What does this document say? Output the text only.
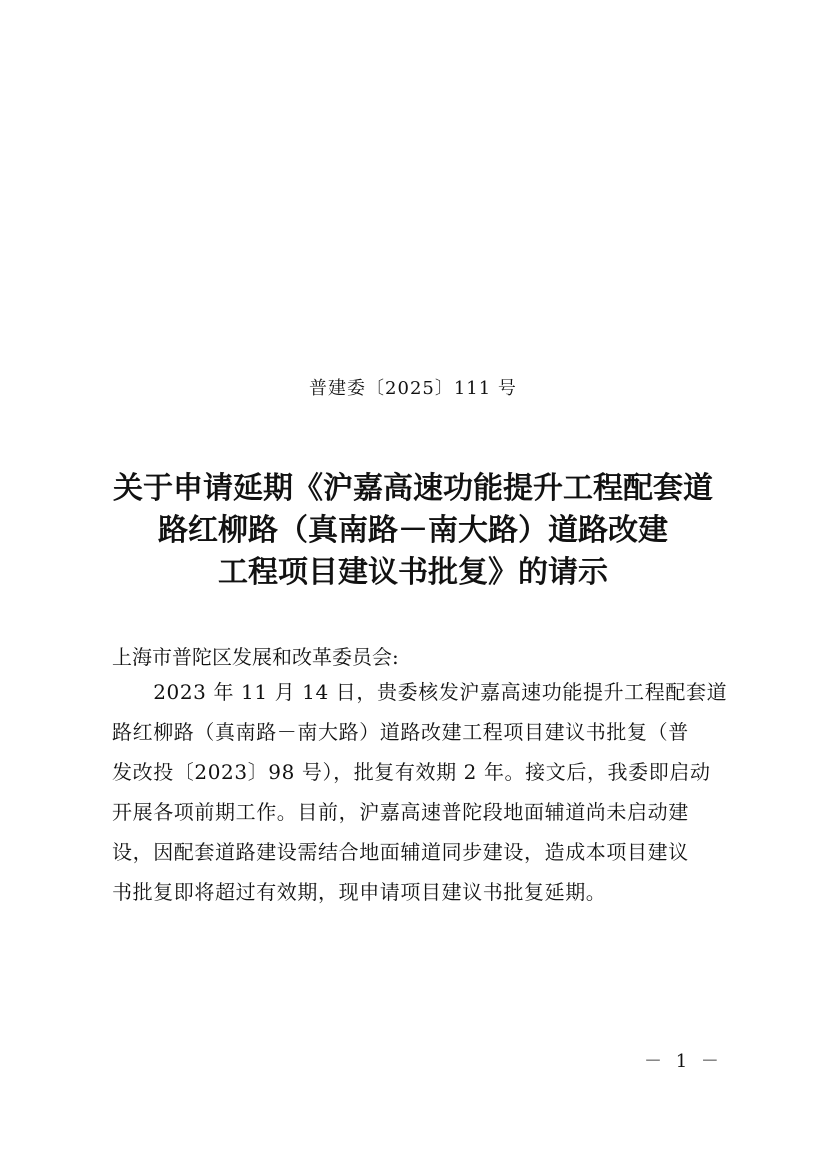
普建委〔2025〕111 号
关于申请延期《沪嘉高速功能提升工程配套道
路红柳路（真南路－南大路）道路改建
工程项目建议书批复》的请示
上海市普陀区发展和改革委员会:
　　2023 年 11 月 14 日，贵委核发沪嘉高速功能提升工程配套道
路红柳路（真南路－南大路）道路改建工程项目建议书批复（普
发改投〔2023〕98 号），批复有效期 2 年。接文后，我委即启动
开展各项前期工作。目前，沪嘉高速普陀段地面辅道尚未启动建
设，因配套道路建设需结合地面辅道同步建设，造成本项目建议
书批复即将超过有效期，现申请项目建议书批复延期。
－ 1 －
